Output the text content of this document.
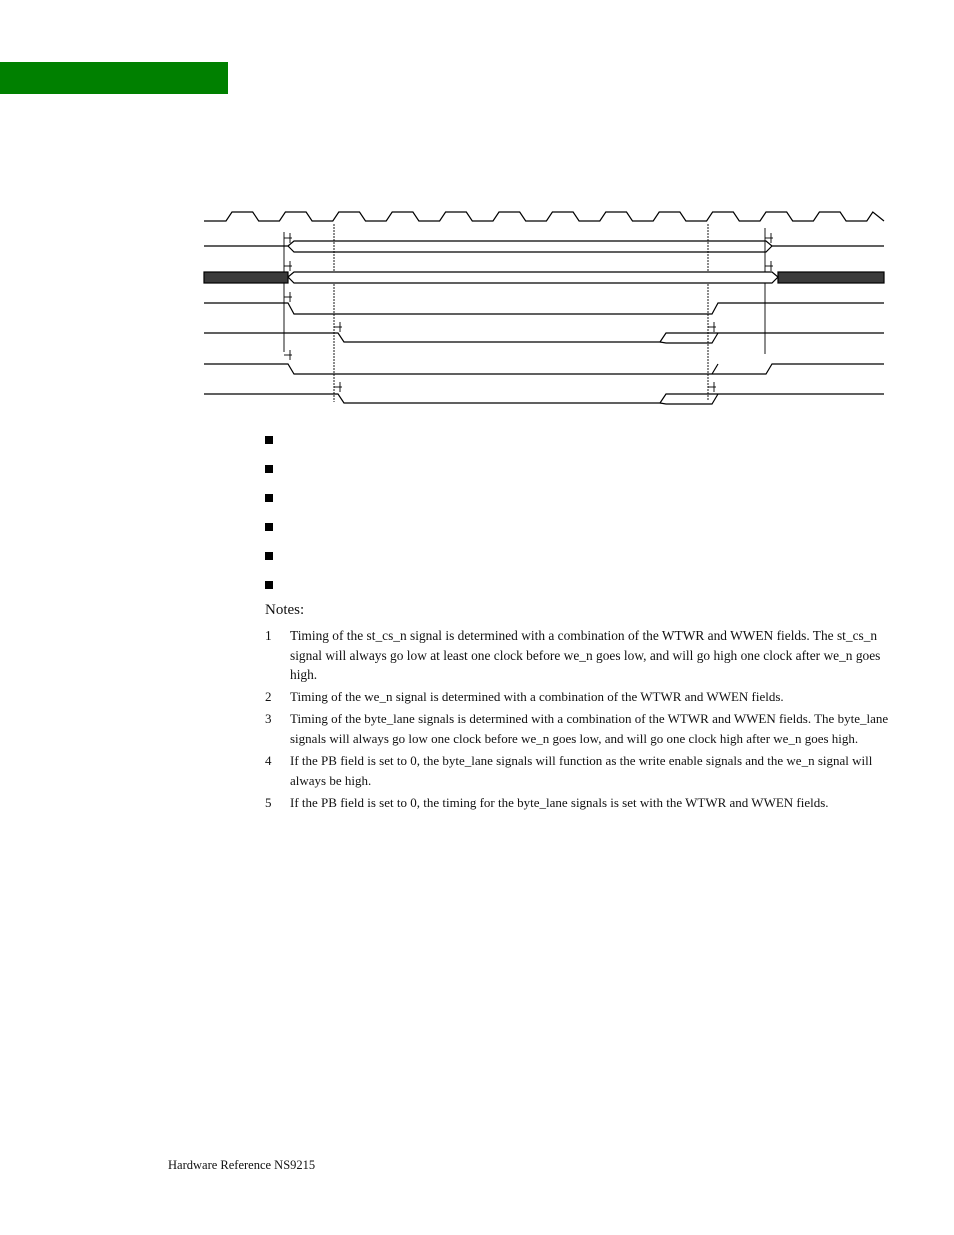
Notes:
1 Timing of the st_cs_n signal is determined with a combination of the WTWR and WWEN fields. The st_cs_n signal will always go low at least one clock before we_n goes low, and will go high one clock after we_n goes high.
2 Timing of the we_n signal is determined with a combination of the WTWR and WWEN fields.
3 Timing of the byte_lane signals is determined with a combination of the WTWR and WWEN fields. The byte_lane signals will always go low one clock before we_n goes low, and will go one clock high after we_n goes high.
4 If the PB field is set to 0, the byte_lane signals will function as the write enable signals and the we_n signal will always be high.
5 If the PB field is set to 0, the timing for the byte_lane signals is set with the WTWR and WWEN fields.
Hardware Reference NS9215
